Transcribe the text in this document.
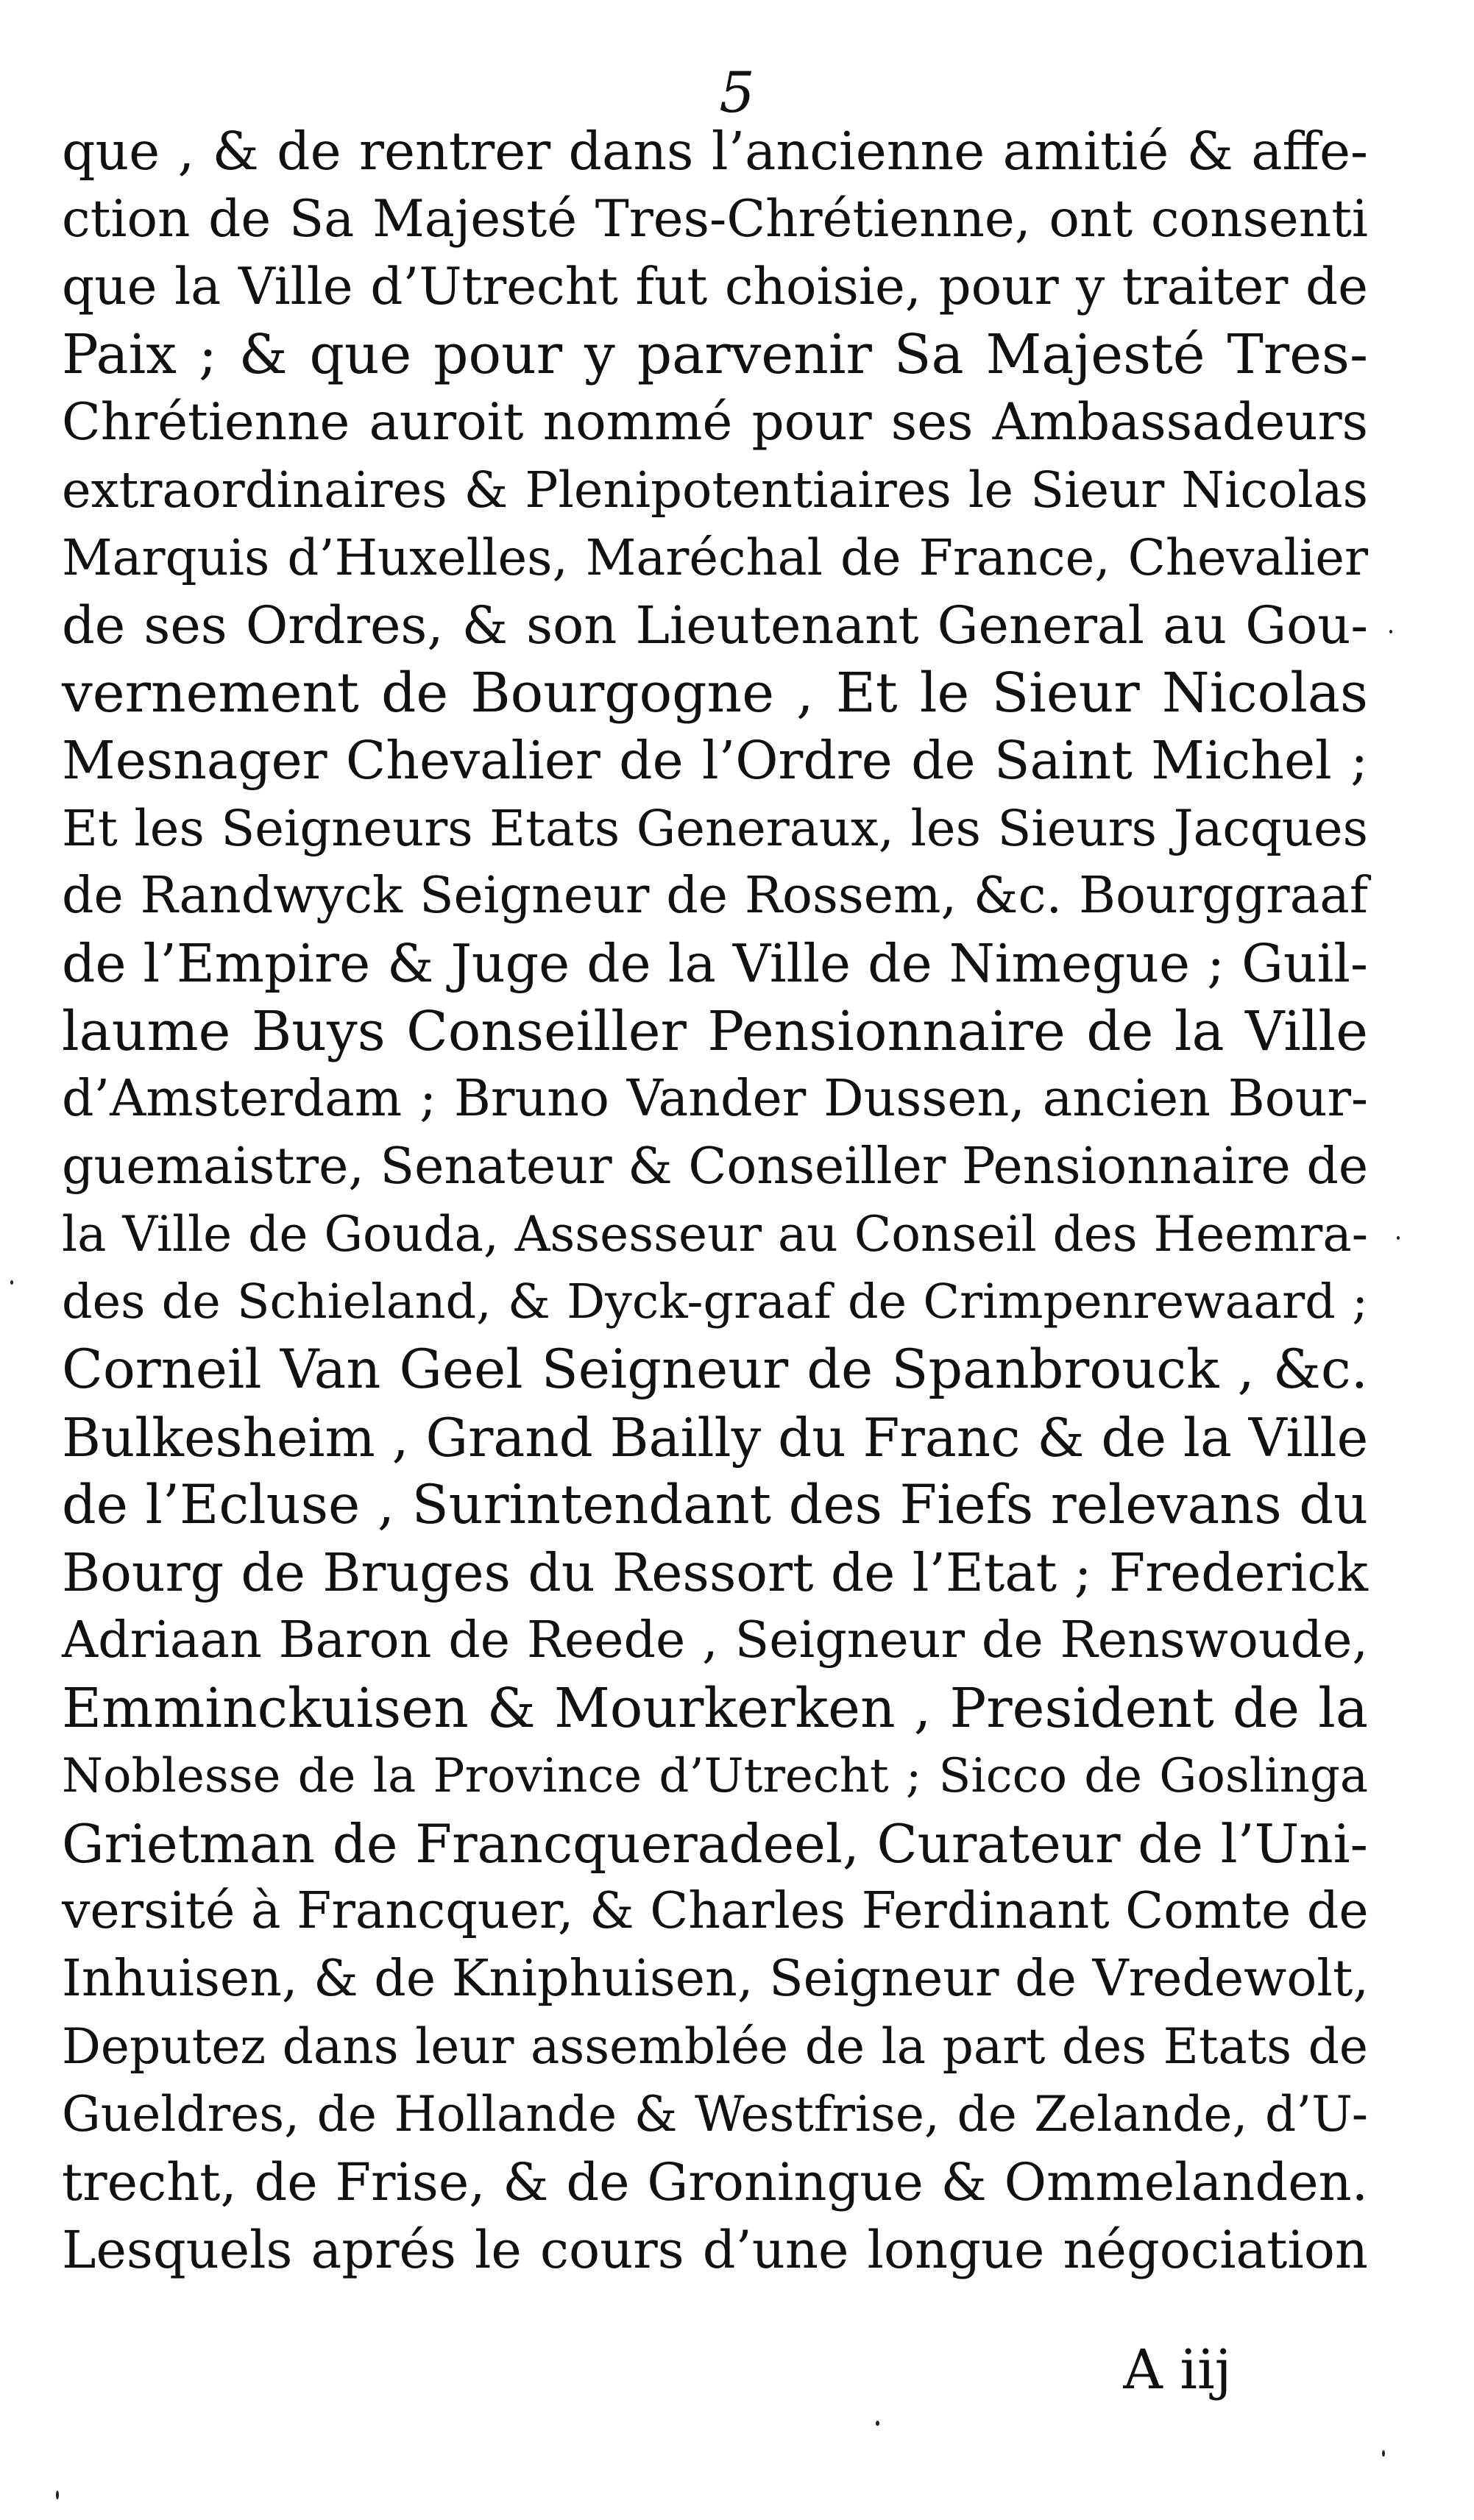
5
que , & de rentrer dans l’ancienne amitié & affe-
ction de Sa Majesté Tres-Chrétienne, ont consenti
que la Ville d’Utrecht fut choisie, pour y traiter de
Paix ; & que pour y parvenir Sa Majesté Tres-
Chrétienne auroit nommé pour ses Ambassadeurs
extraordinaires & Plenipotentiaires le Sieur Nicolas
Marquis d’Huxelles, Maréchal de France, Chevalier
de ses Ordres, & son Lieutenant General au Gou-
vernement de Bourgogne , Et le Sieur Nicolas
Mesnager Chevalier de l’Ordre de Saint Michel ;
Et les Seigneurs Etats Generaux, les Sieurs Jacques
de Randwyck Seigneur de Rossem, &c. Bourggraaf
de l’Empire & Juge de la Ville de Nimegue ; Guil-
laume Buys Conseiller Pensionnaire de la Ville
d’Amsterdam ; Bruno Vander Dussen, ancien Bour-
guemaistre, Senateur & Conseiller Pensionnaire de
la Ville de Gouda, Assesseur au Conseil des Heemra-
des de Schieland, & Dyck-graaf de Crimpenrewaard ;
Corneil Van Geel Seigneur de Spanbrouck , &c.
Bulkesheim , Grand Bailly du Franc & de la Ville
de l’Ecluse , Surintendant des Fiefs relevans du
Bourg de Bruges du Ressort de l’Etat ; Frederick
Adriaan Baron de Reede , Seigneur de Renswoude,
Emminckuisen & Mourkerken , President de la
Noblesse de la Province d’Utrecht ; Sicco de Goslinga
Grietman de Francqueradeel, Curateur de l’Uni-
versité à Francquer, & Charles Ferdinant Comte de
Inhuisen, & de Kniphuisen, Seigneur de Vredewolt,
Deputez dans leur assemblée de la part des Etats de
Gueldres, de Hollande & Westfrise, de Zelande, d’U-
trecht, de Frise, & de Groningue & Ommelanden.
Lesquels aprés le cours d’une longue négociation
A iij
